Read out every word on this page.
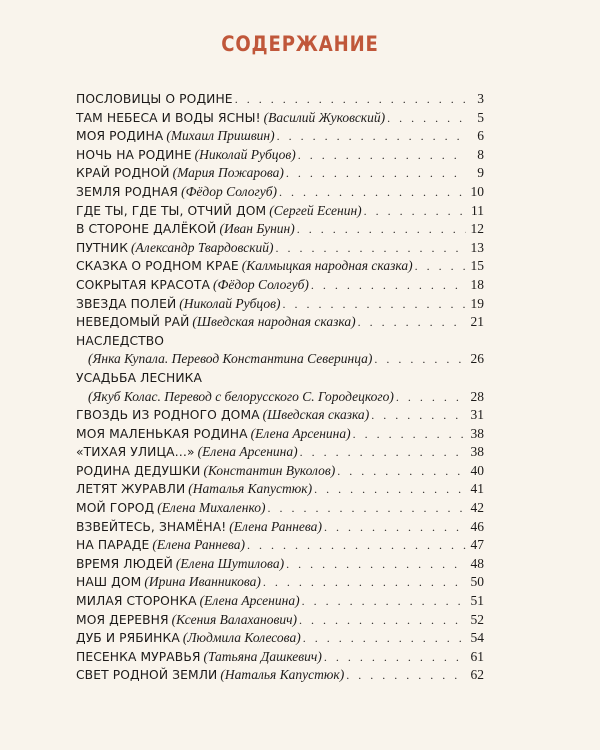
СОДЕРЖАНИЕ
ПОСЛОВИЦЫ О РОДИНЕ . . .	3
ТАМ НЕБЕСА И ВОДЫ ЯСНЫ! ( Василий Жуковский ) . . .	5
МОЯ РОДИНА ( Михаил Пришвин ) . . .	6
НОЧЬ НА РОДИНЕ ( Николай Рубцов ) . . .	8
КРАЙ РОДНОЙ ( Мария Пожарова ) . . .	9
ЗЕМЛЯ РОДНАЯ ( Фёдор Сологуб ) . . .	10
ГДЕ ТЫ, ГДЕ ТЫ, ОТЧИЙ ДОМ ( Сергей Есенин ) . . .	11
В СТОРОНЕ ДАЛЁКОЙ ( Иван Бунин ) . . .	12
ПУТНИК ( Александр Твардовский ) . . .	13
СКАЗКА О РОДНОМ КРАЕ ( Калмыцкая народная сказка ) . . .	15
СОКРЫТАЯ КРАСОТА ( Фёдор Сологуб ) . . .	18
ЗВЕЗДА ПОЛЕЙ ( Николай Рубцов ) . . .	19
НЕВЕДОМЫЙ РАЙ ( Шведская народная сказка ) . . .	21
НАСЛЕДСТВО
( Янка Купала. Перевод Константина Северинца ) . . .	26
УСАДЬБА ЛЕСНИКА
( Якуб Колас. Перевод с белорусского С. Городецкого ) . . .	28
ГВОЗДЬ ИЗ РОДНОГО ДОМА ( Шведская сказка ) . . .	31
МОЯ МАЛЕНЬКАЯ РОДИНА ( Елена Арсенина ) . . .	38
«ТИХАЯ УЛИЦА…» ( Елена Арсенина ) . . .	38
РОДИНА ДЕДУШКИ ( Константин Вуколов ) . . .	40
ЛЕТЯТ ЖУРАВЛИ ( Наталья Капустюк ) . . .	41
МОЙ ГОРОД ( Елена Михаленко ) . . .	42
ВЗВЕЙТЕСЬ, ЗНАМЁНА! ( Елена Раннева ) . . .	46
НА ПАРАДЕ ( Елена Раннева ) . . .	47
ВРЕМЯ ЛЮДЕЙ ( Елена Шутилова ) . . .	48
НАШ ДОМ ( Ирина Иванникова ) . . .	50
МИЛАЯ СТОРОНКА ( Елена Арсенина ) . . .	51
МОЯ ДЕРЕВНЯ ( Ксения Валаханович ) . . .	52
ДУБ И РЯБИНКА ( Людмила Колесова ) . . .	54
ПЕСЕНКА МУРАВЬЯ ( Татьяна Дашкевич ) . . .	61
СВЕТ РОДНОЙ ЗЕМЛИ ( Наталья Капустюк ) . . .	62
